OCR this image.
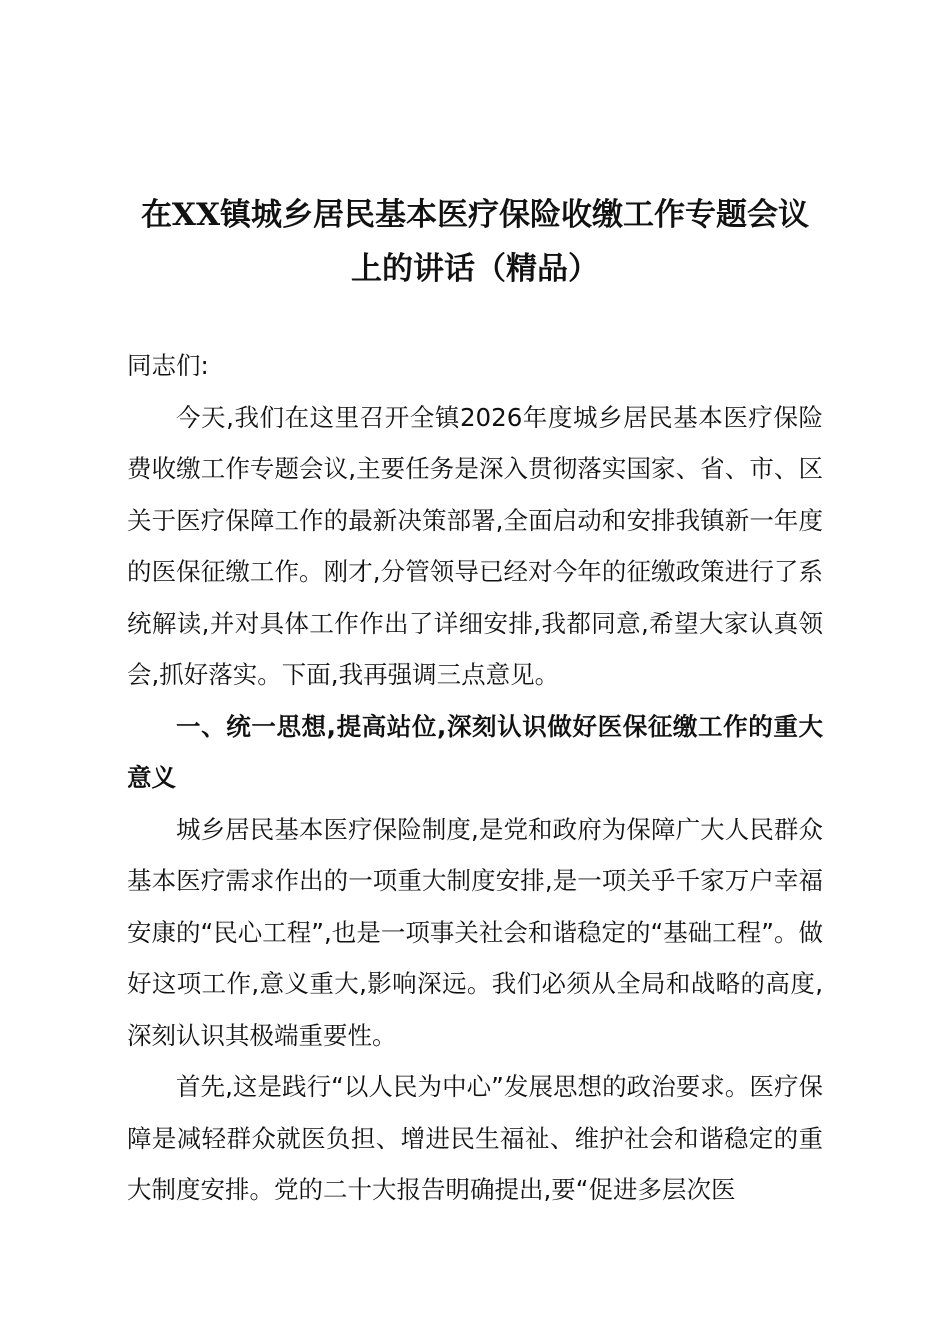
在XX镇城乡居民基本医疗保险收缴工作专题会议
上的讲话（精品）

同志们:

今天,我们在这里召开全镇2026年度城乡居民基本医疗保险费收缴工作专题会议,主要任务是深入贯彻落实国家、省、市、区关于医疗保障工作的最新决策部署,全面启动和安排我镇新一年度的医保征缴工作。刚才,分管领导已经对今年的征缴政策进行了系统解读,并对具体工作作出了详细安排,我都同意,希望大家认真领会,抓好落实。下面,我再强调三点意见。

一、统一思想,提高站位,深刻认识做好医保征缴工作的重大意义

城乡居民基本医疗保险制度,是党和政府为保障广大人民群众基本医疗需求作出的一项重大制度安排,是一项关乎千家万户幸福安康的“民心工程”,也是一项事关社会和谐稳定的“基础工程”。做好这项工作,意义重大,影响深远。我们必须从全局和战略的高度,深刻认识其极端重要性。

首先,这是践行“以人民为中心”发展思想的政治要求。医疗保障是减轻群众就医负担、增进民生福祉、维护社会和谐稳定的重大制度安排。党的二十大报告明确提出,要“促进多层次医
